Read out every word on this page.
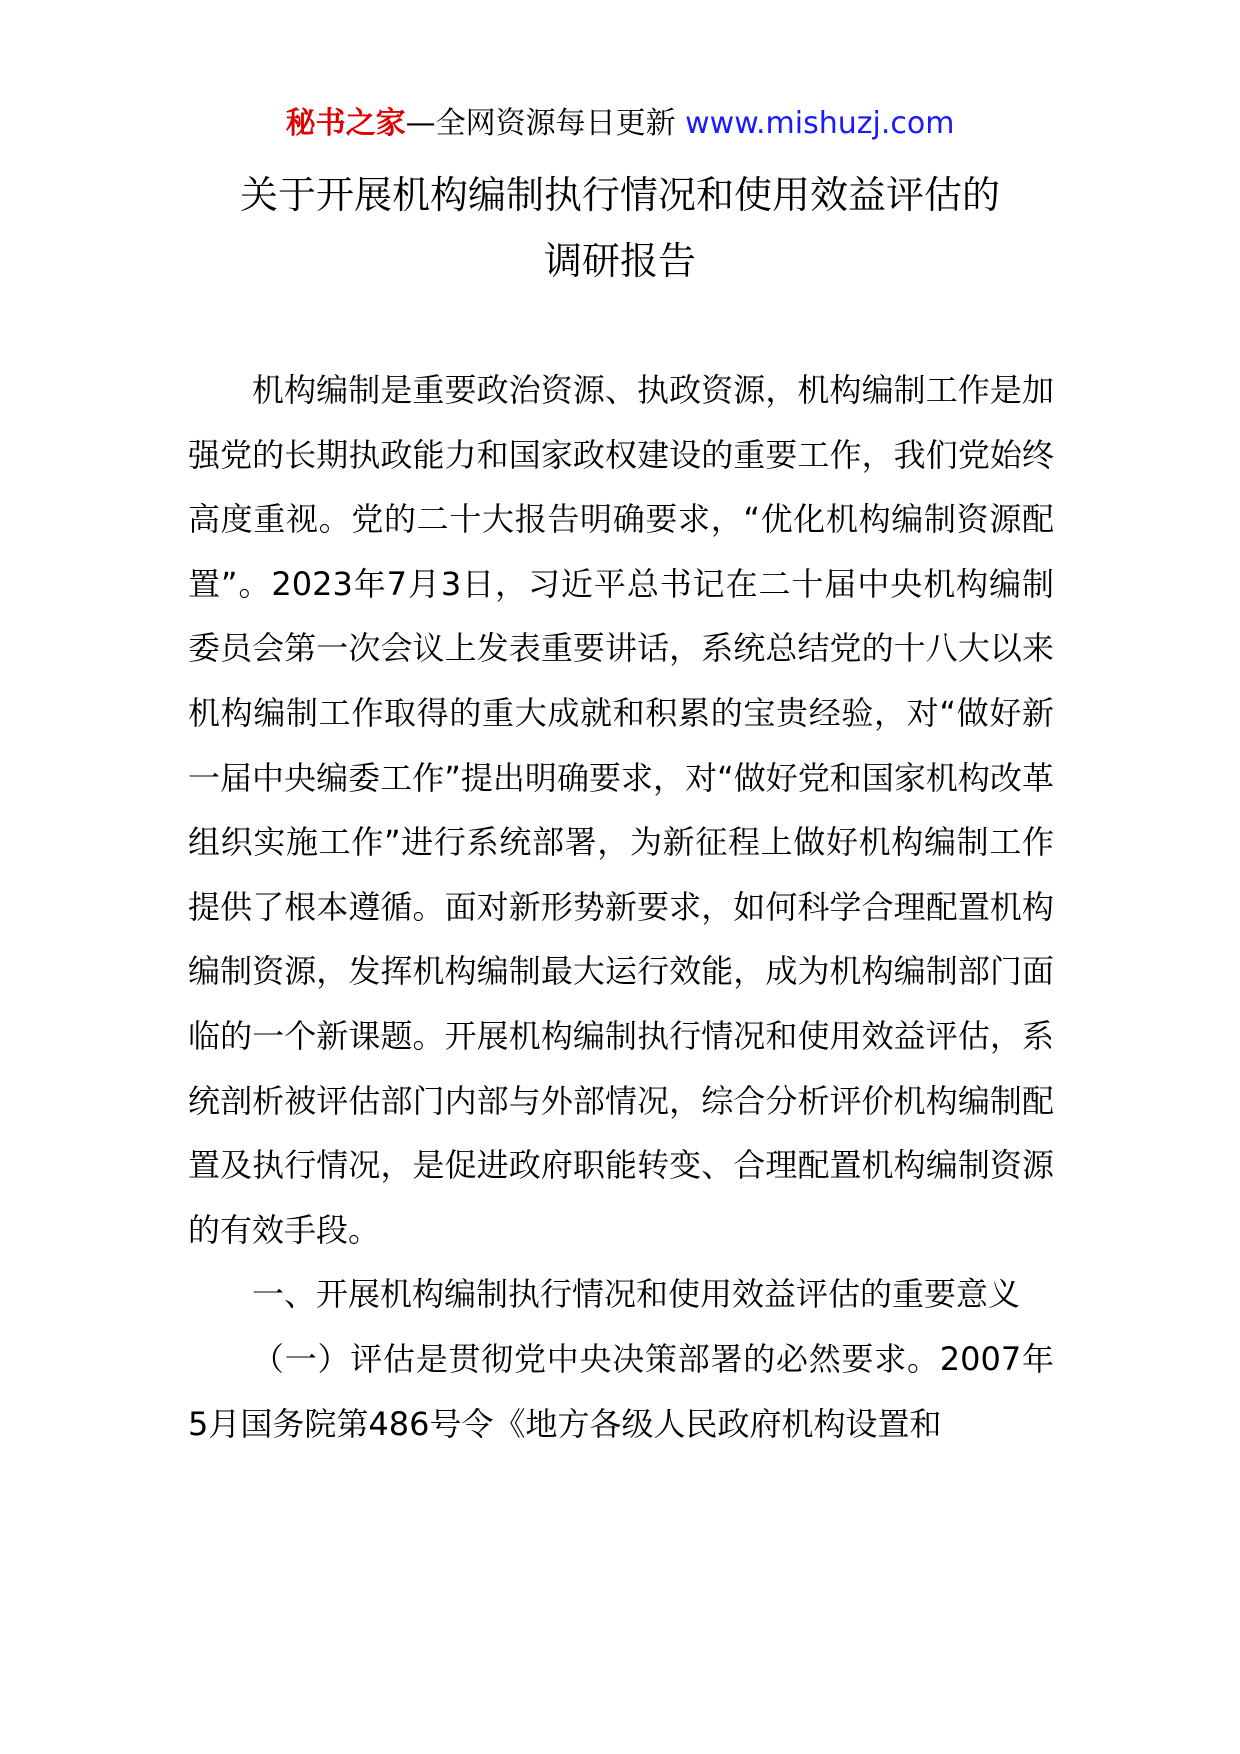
秘书之家—全网资源每日更新 www.mishuzj.com
关于开展机构编制执行情况和使用效益评估的
调研报告

机构编制是重要政治资源、执政资源，机构编制工作是加强党的长期执政能力和国家政权建设的重要工作，我们党始终高度重视。党的二十大报告明确要求，“优化机构编制资源配置”。2023年7月3日，习近平总书记在二十届中央机构编制委员会第一次会议上发表重要讲话，系统总结党的十八大以来机构编制工作取得的重大成就和积累的宝贵经验，对“做好新一届中央编委工作”提出明确要求，对“做好党和国家机构改革组织实施工作”进行系统部署，为新征程上做好机构编制工作提供了根本遵循。面对新形势新要求，如何科学合理配置机构编制资源，发挥机构编制最大运行效能，成为机构编制部门面临的一个新课题。开展机构编制执行情况和使用效益评估，系统剖析被评估部门内部与外部情况，综合分析评价机构编制配置及执行情况，是促进政府职能转变、合理配置机构编制资源的有效手段。

一、开展机构编制执行情况和使用效益评估的重要意义

（一）评估是贯彻党中央决策部署的必然要求。2007年5月国务院第486号令《地方各级人民政府机构设置和
